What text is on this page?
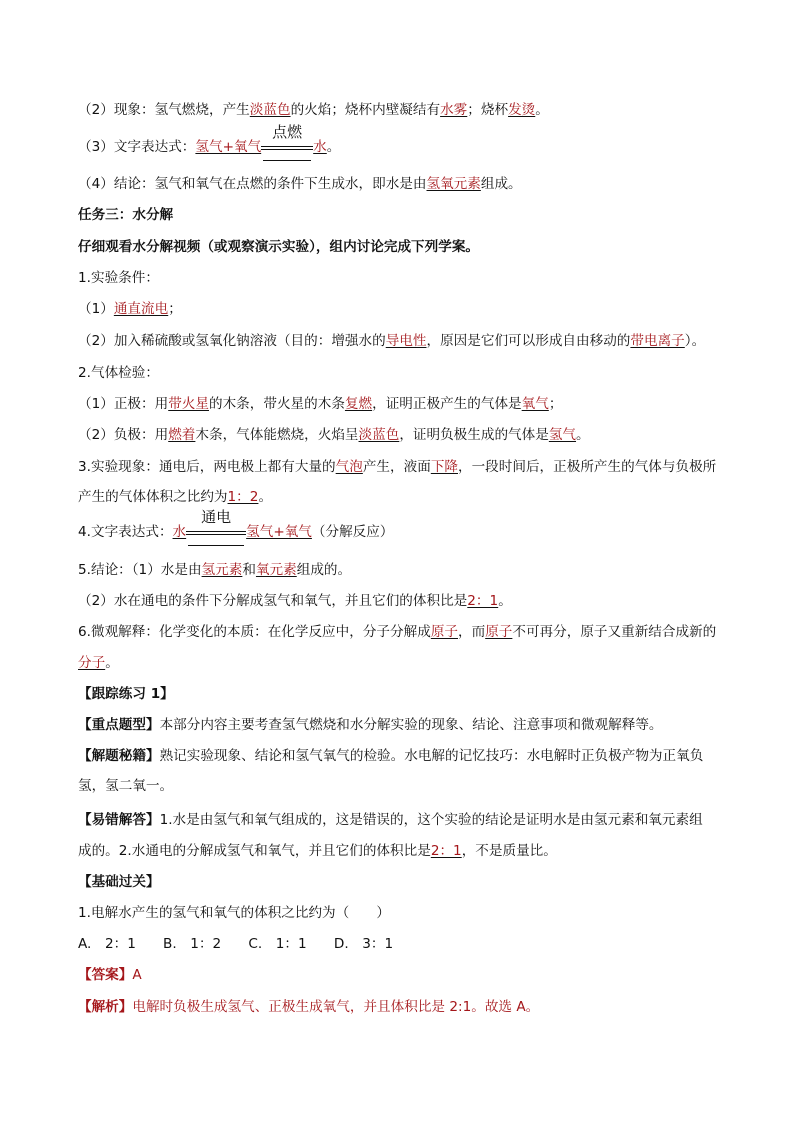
（2）现象：氢气燃烧，产生淡蓝色的火焰；烧杯内壁凝结有水雾；烧杯发烫。
（3）文字表达式：氢气+氧气
点燃
水。
（4）结论：氢气和氧气在点燃的条件下生成水，即水是由氢氧元素组成。
任务三：水分解
仔细观看水分解视频（或观察演示实验），组内讨论完成下列学案。
1.实验条件：
（1）通直流电；
（2）加入稀硫酸或氢氧化钠溶液（目的：增强水的导电性，原因是它们可以形成自由移动的带电离子）。
2.气体检验：
（1）正极：用带火星的木条，带火星的木条复燃，证明正极产生的气体是氧气；
（2）负极：用燃着木条，气体能燃烧，火焰呈淡蓝色，证明负极生成的气体是氢气。
3.实验现象：通电后，两电极上都有大量的气泡产生，液面下降，一段时间后，正极所产生的气体与负极所
产生的气体体积之比约为1：2。
4.文字表达式：水
通电
氢气+氧气（分解反应）
5.结论：（1）水是由氢元素和氧元素组成的。
（2）水在通电的条件下分解成氢气和氧气，并且它们的体积比是2：1。
6.微观解释：化学变化的本质：在化学反应中，分子分解成原子，而原子不可再分，原子又重新结合成新的
分子。
【跟踪练习 1】
【重点题型】本部分内容主要考查氢气燃烧和水分解实验的现象、结论、注意事项和微观解释等。
【解题秘籍】熟记实验现象、结论和氢气氧气的检验。水电解的记忆技巧：水电解时正负极产物为正氧负
氢，氢二氧一。
【易错解答】1.水是由氢气和氧气组成的，这是错误的，这个实验的结论是证明水是由氢元素和氧元素组
成的。2.水通电的分解成氢气和氧气，并且它们的体积比是2：1，不是质量比。
【基础过关】
1.电解水产生的氢气和氧气的体积之比约为（　　）
A.　2：1　　B.　1：2　　C.　1：1　　D.　3：1
【答案】A
【解析】电解时负极生成氢气、正极生成氧气，并且体积比是 2:1。故选 A。
